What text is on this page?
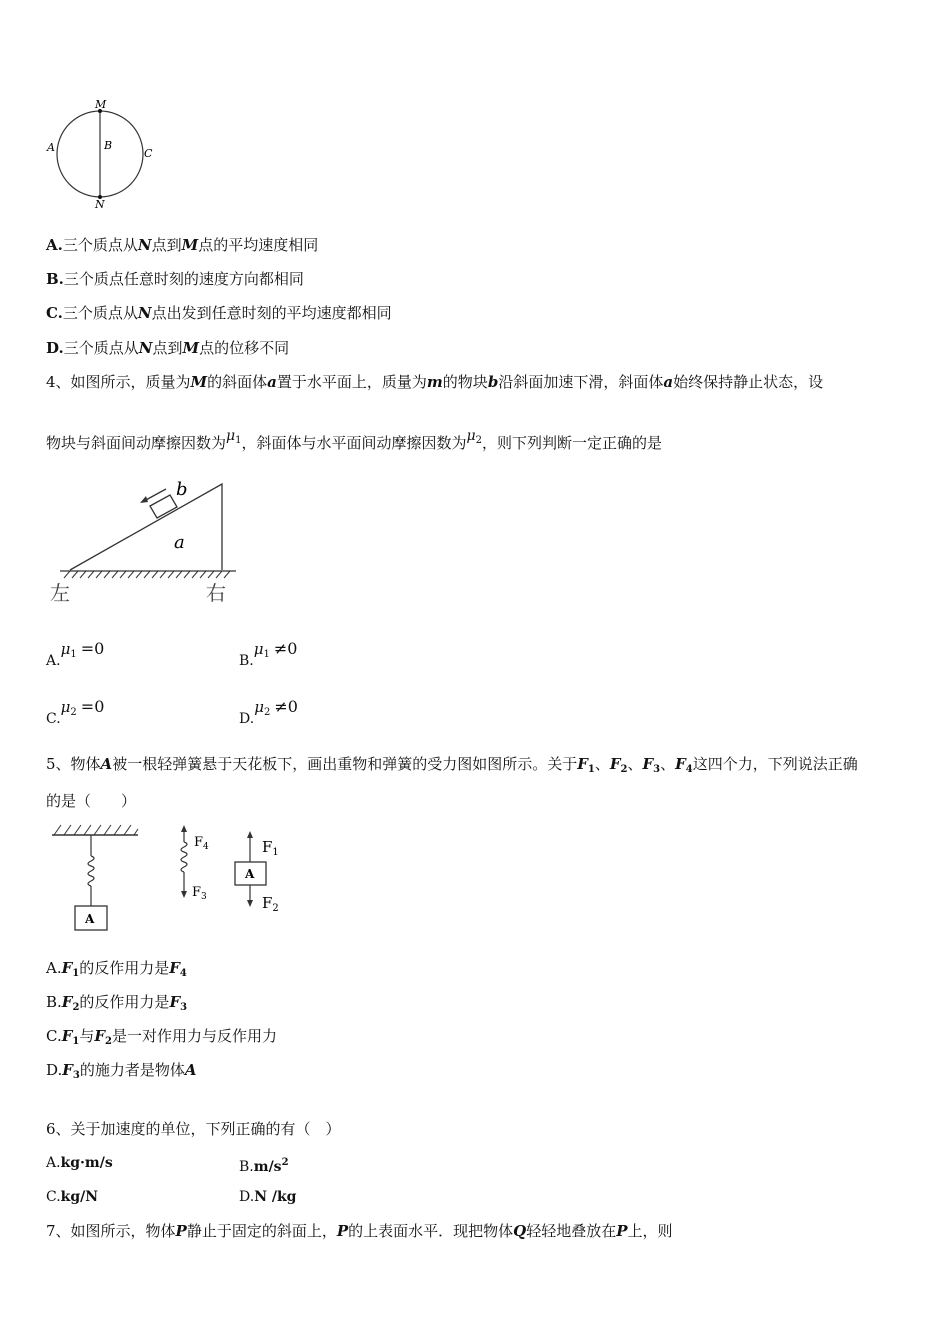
M
N
A	B
C
A.三个质点从N点到M点的平均速度相同
B.三个质点任意时刻的速度方向都相同
C.三个质点从N点出发到任意时刻的平均速度都相同
D.三个质点从N点到M点的位移不同
4、如图所示，质量为M的斜面体a置于水平面上，质量为m的物块b沿斜面加速下滑，斜面体a始终保持静止状态，设
物块与斜面间动摩擦因数为$\mu_1$，斜面体与水平面间动摩擦因数为$\mu_2$，则下列判断一定正确的是
b
a
左	右
$A.\mu_1 =0$
$B.\mu_1 \ne 0$
$C.\mu_2 =0$
$D.\mu_2 \ne 0$
5、物体A被一根轻弹簧悬于天花板下，画出重物和弹簧的受力图如图所示。关于$F_1$、$F_2$、$F_3$、$F_4$这四个力，下列说法正确
的是（　　）
A
$F_4$
$F_3$
A
$F_1$
$F_2$
$A.F_1$的反作用力是$F_4$
$B.F_2$的反作用力是$F_3$
$C.F_1$与$F_2$是一对作用力与反作用力
$D.F_3$的施力者是物体A
6、关于加速度的单位，下列正确的有（　）
A.kg·m/s	$B.m/s^2$
C.kg/N	D.N /kg
7、如图所示，物体P静止于固定的斜面上，P的上表面水平．现把物体Q轻轻地叠放在P上，则
